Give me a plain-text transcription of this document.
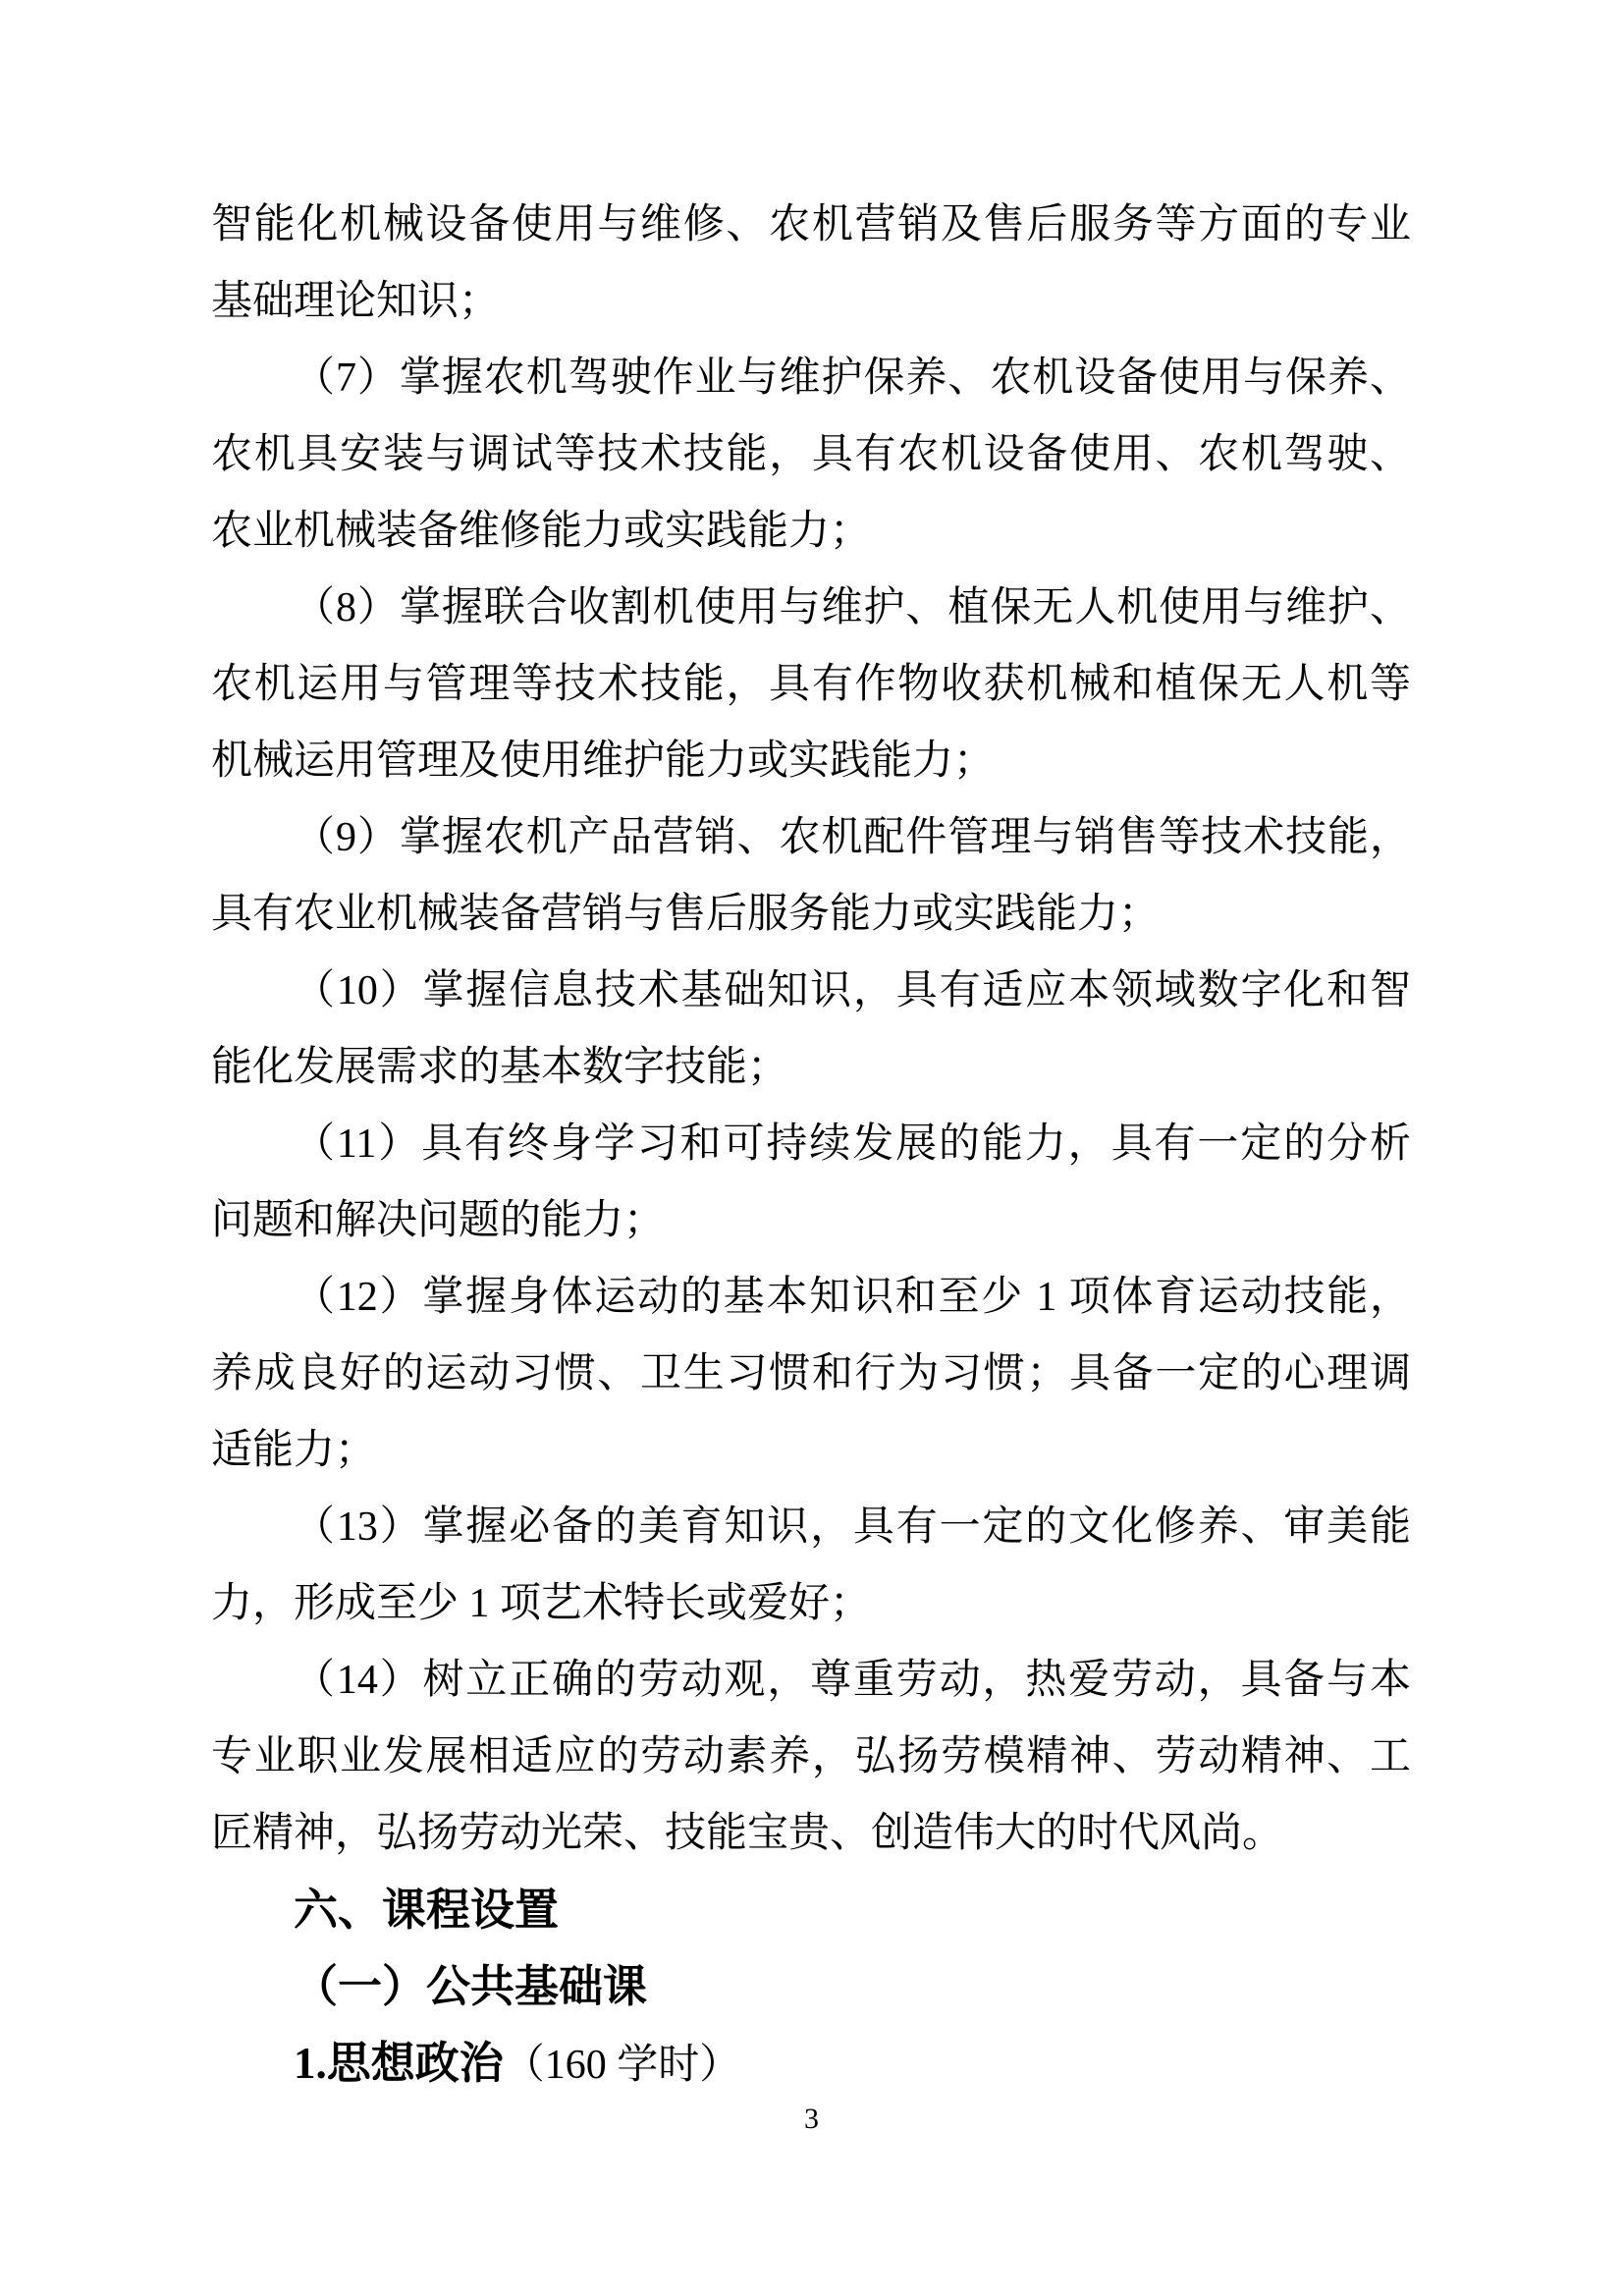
智能化机械设备使用与维修、农机营销及售后服务等方面的专业
基础理论知识；
（7）掌握农机驾驶作业与维护保养、农机设备使用与保养、
农机具安装与调试等技术技能，具有农机设备使用、农机驾驶、
农业机械装备维修能力或实践能力；
（8）掌握联合收割机使用与维护、植保无人机使用与维护、
农机运用与管理等技术技能，具有作物收获机械和植保无人机等
机械运用管理及使用维护能力或实践能力；
（9）掌握农机产品营销、农机配件管理与销售等技术技能，
具有农业机械装备营销与售后服务能力或实践能力；
（10）掌握信息技术基础知识，具有适应本领域数字化和智
能化发展需求的基本数字技能；
（11）具有终身学习和可持续发展的能力，具有一定的分析
问题和解决问题的能力；
（12）掌握身体运动的基本知识和至少 1 项体育运动技能，
养成良好的运动习惯、卫生习惯和行为习惯；具备一定的心理调
适能力；
（13）掌握必备的美育知识，具有一定的文化修养、审美能
力，形成至少 1 项艺术特长或爱好；
（14）树立正确的劳动观，尊重劳动，热爱劳动，具备与本
专业职业发展相适应的劳动素养，弘扬劳模精神、劳动精神、工
匠精神，弘扬劳动光荣、技能宝贵、创造伟大的时代风尚。
六、课程设置
（一）公共基础课
1.思想政治（160 学时）
3
